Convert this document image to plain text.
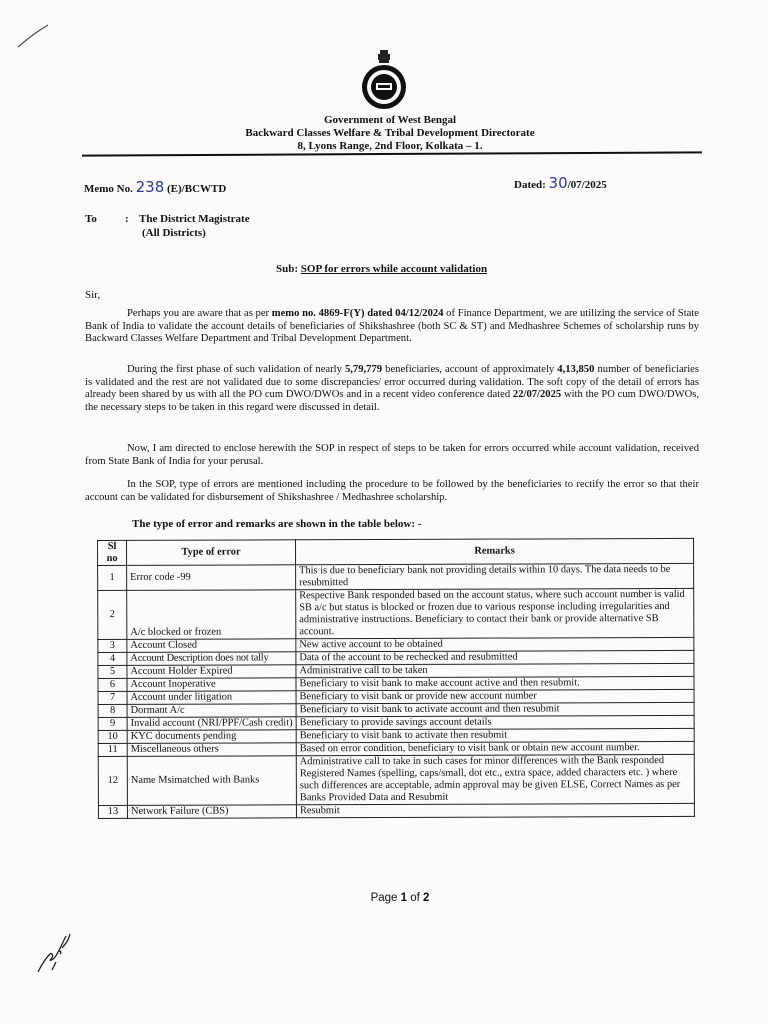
Government of West Bengal
Backward Classes Welfare & Tribal Development Directorate
8, Lyons Range, 2nd Floor, Kolkata – 1.
Memo No. 238 (E)/BCWTD	Dated: 30/07/2025
To	: The District Magistrate
(All Districts)
Sub: SOP for errors while account validation
Sir,
Perhaps you are aware that as per memo no. 4869-F(Y) dated 04/12/2024 of Finance Department, we are utilizing the service of State Bank of India to validate the account details of beneficiaries of Shikshashree (both SC & ST) and Medhashree Schemes of scholarship runs by Backward Classes Welfare Department and Tribal Development Department.
During the first phase of such validation of nearly 5,79,779 beneficiaries, account of approximately 4,13,850 number of beneficiaries is validated and the rest are not validated due to some discrepancies/ error occurred during validation. The soft copy of the detail of errors has already been shared by us with all the PO cum DWO/DWOs and in a recent video conference dated 22/07/2025 with the PO cum DWO/DWOs, the necessary steps to be taken in this regard were discussed in detail.
Now, I am directed to enclose herewith the SOP in respect of steps to be taken for errors occurred while account validation, received from State Bank of India for your perusal.
In the SOP, type of errors are mentioned including the procedure to be followed by the beneficiaries to rectify the error so that their account can be validated for disbursement of Shikshashree / Medhashree scholarship.
The type of error and remarks are shown in the table below: -
Sl no	Type of error	Remarks
1	Error code -99	This is due to beneficiary bank not providing details within 10 days. The data needs to be resubmitted
2	A/c blocked or frozen	Respective Bank responded based on the account status, where such account number is valid SB a/c but status is blocked or frozen due to various response including irregularities and administrative instructions. Beneficiary to contact their bank or provide alternative SB account.
3	Account Closed	New active account to be obtained
4	Account Description does not tally	Data of the account to be rechecked and resubmitted
5	Account Holder Expired	Administrative call to be taken
6	Account Inoperative	Beneficiary to visit bank to make account active and then resubmit.
7	Account under litigation	Beneficiary to visit bank or provide new account number
8	Dormant A/c	Beneficiary to visit bank to activate account and then resubmit
9	Invalid account (NRI/PPF/Cash credit)	Beneficiary to provide savings account details
10	KYC documents pending	Beneficiary to visit bank to activate then resubmit
11	Miscellaneous others	Based on error condition, beneficiary to visit bank or obtain new account number.
12	Name Msimatched with Banks	Administrative call to take in such cases for minor differences with the Bank responded Registered Names (spelling, caps/small, dot etc., extra space, added characters etc. ) where such differences are acceptable, admin approval may be given ELSE, Correct Names as per Banks Provided Data and Resubmit
13	Network Failure (CBS)	Resubmit
Page 1 of 2
